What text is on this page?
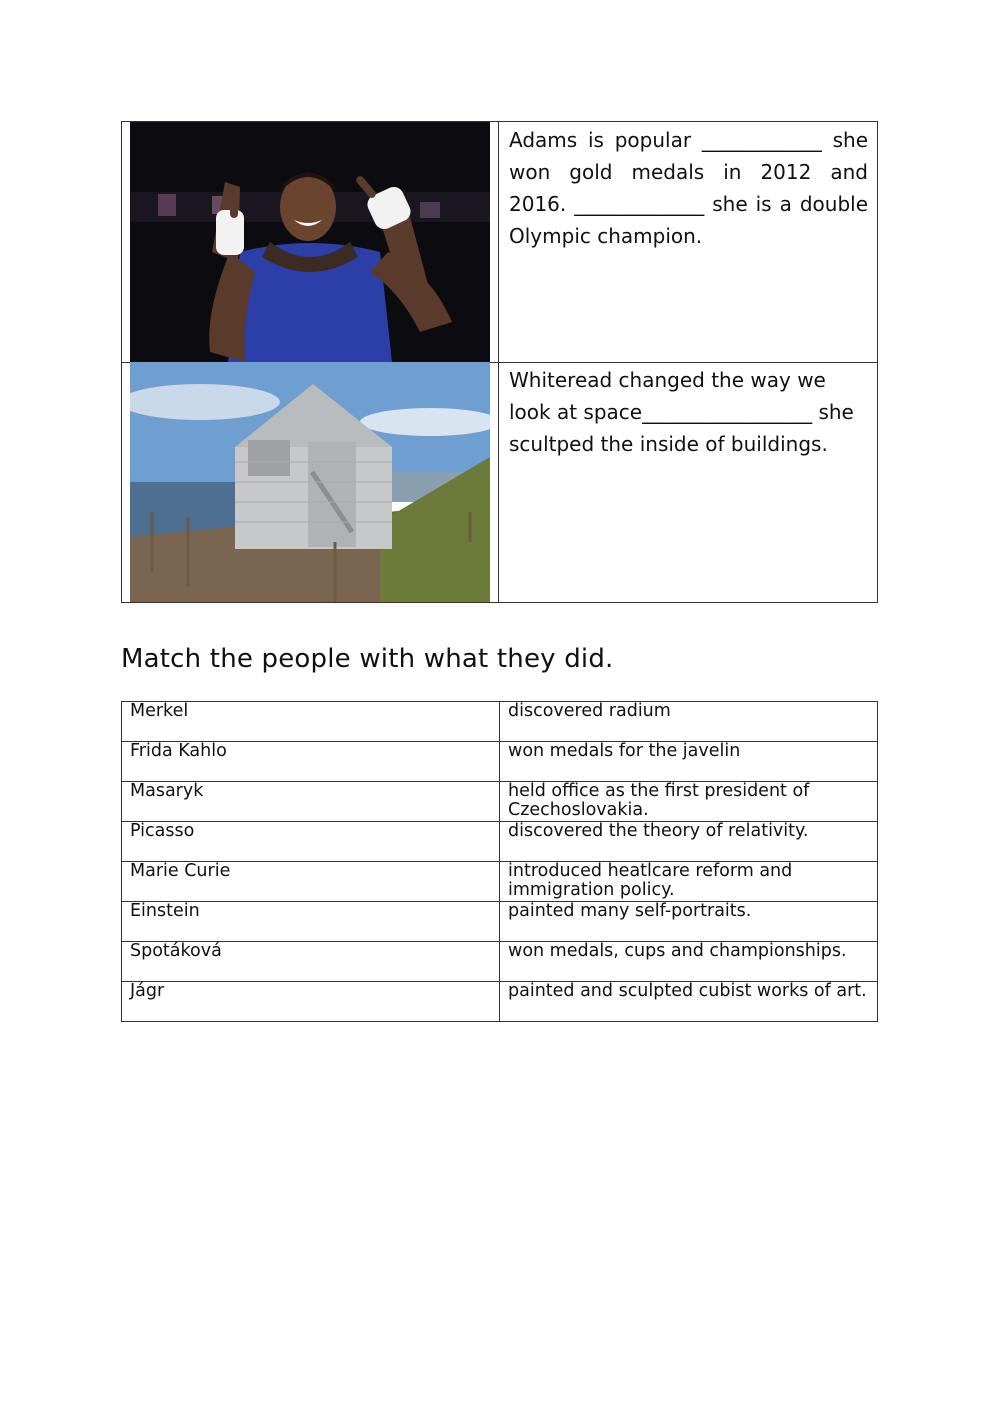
Adams is popular ____________ she won gold medals in 2012 and 2016. _____________ she is a double Olympic champion.
Whiteread changed the way we look at space_________________ she scultped the inside of buildings.
Match the people with what they did.
Merkel	discovered radium
Frida Kahlo	won medals for the javelin
Masaryk	held office as the first president of Czechoslovakia.
Picasso	discovered the theory of relativity.
Marie Curie	introduced heatlcare reform and immigration policy.
Einstein	painted many self-portraits.
Spotáková	won medals, cups and championships.
Jágr	painted and sculpted cubist works of art.
